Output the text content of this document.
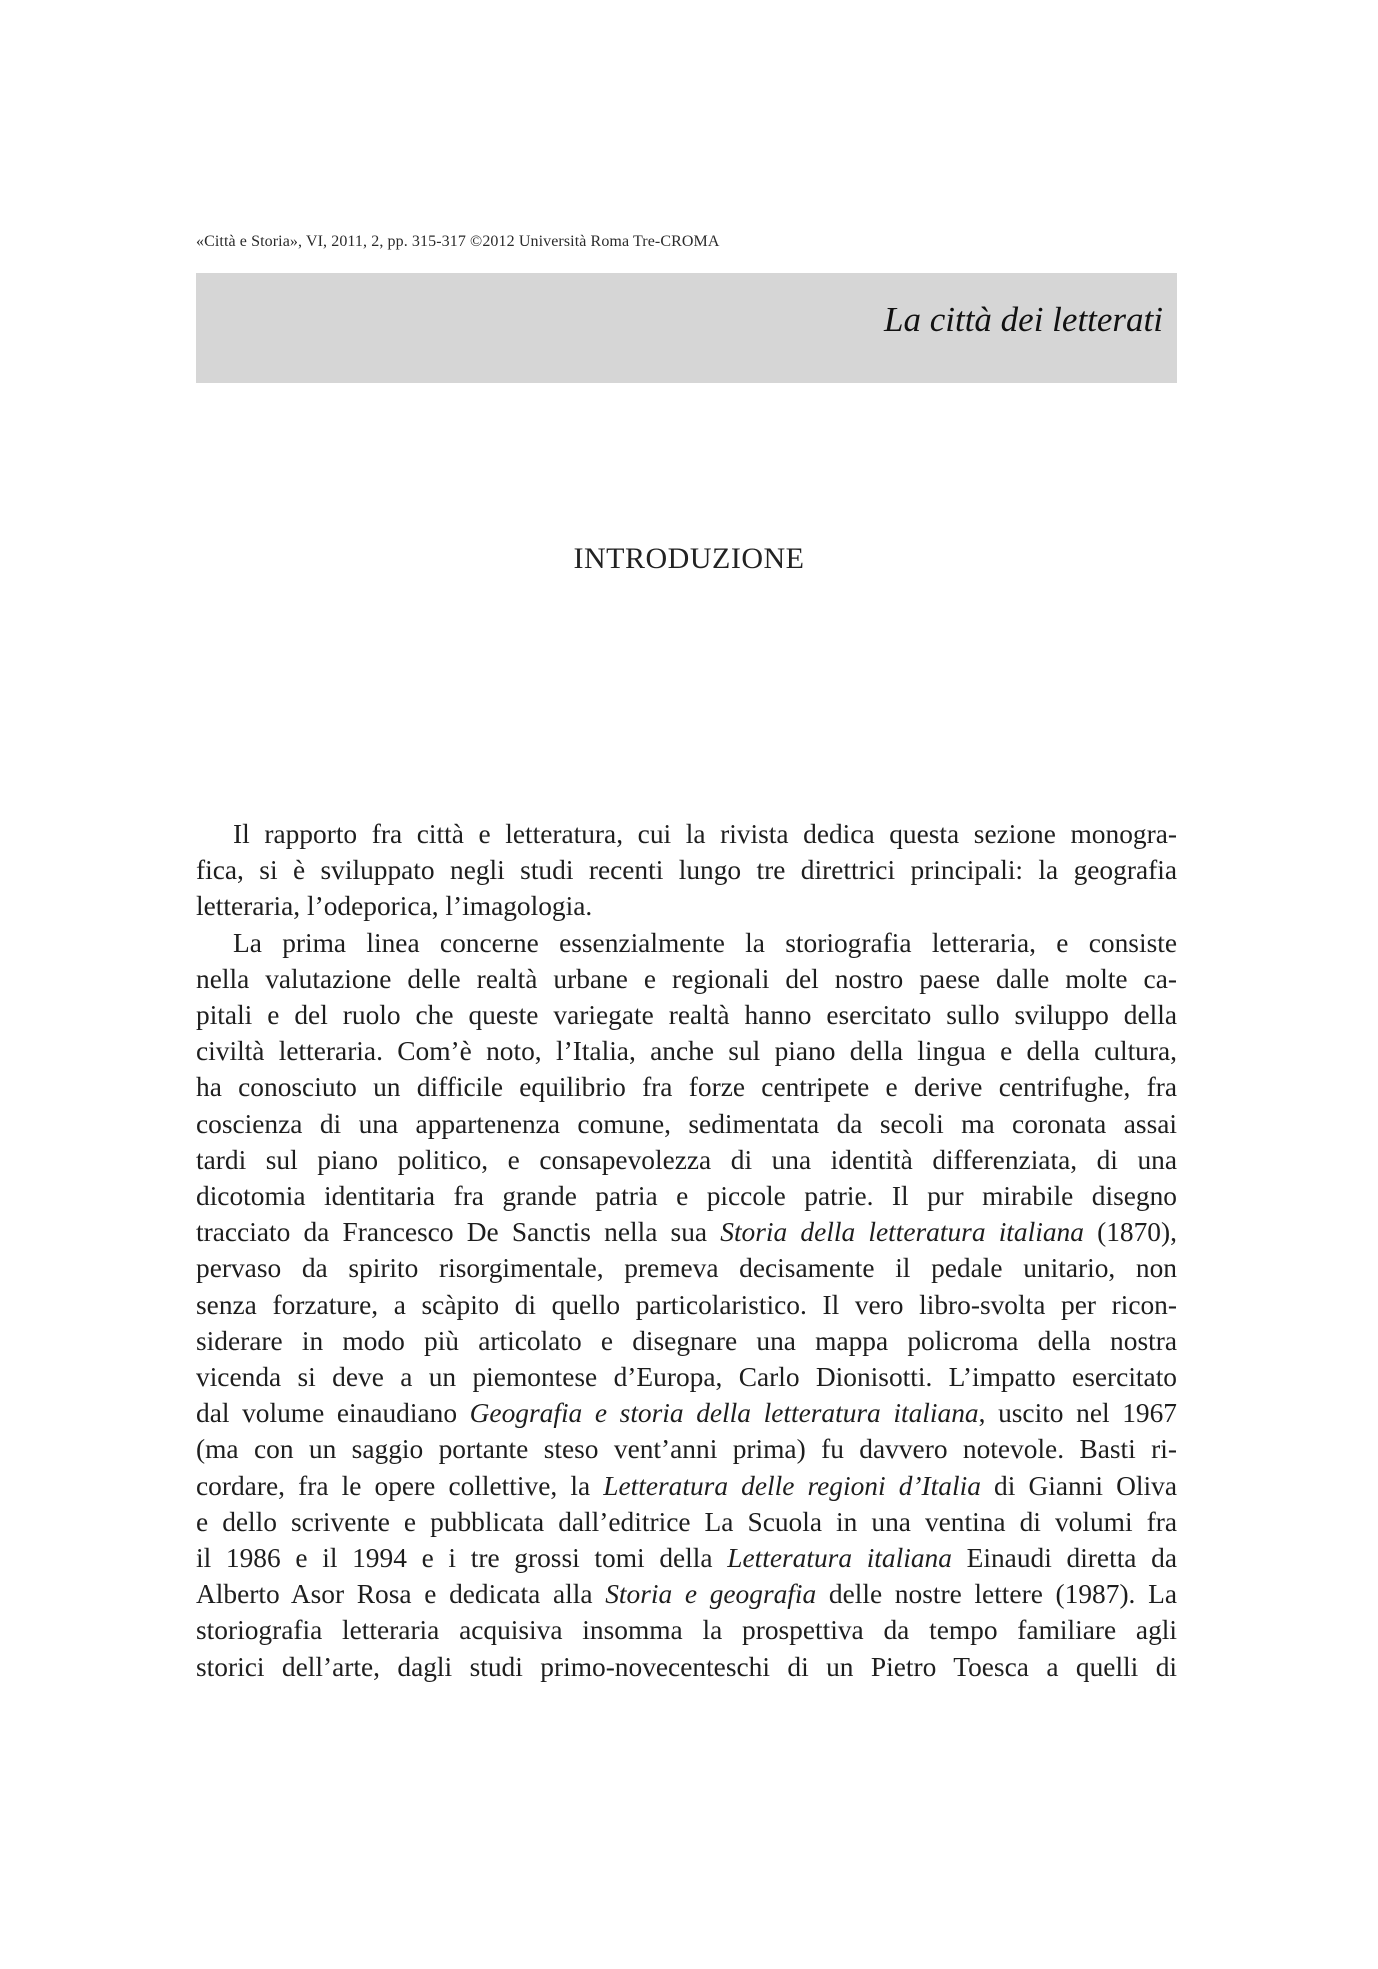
«Città e Storia», VI, 2011, 2, pp. 315-317 ©2012 Università Roma Tre-CROMA
La città dei letterati
INTRODUZIONE
Il rapporto fra città e letteratura, cui la rivista dedica questa sezione monogra-
fica, si è sviluppato negli studi recenti lungo tre direttrici principali: la geografia
letteraria, l’odeporica, l’imagologia.
La prima linea concerne essenzialmente la storiografia letteraria, e consiste
nella valutazione delle realtà urbane e regionali del nostro paese dalle molte ca-
pitali e del ruolo che queste variegate realtà hanno esercitato sullo sviluppo della
civiltà letteraria. Com’è noto, l’Italia, anche sul piano della lingua e della cultura,
ha conosciuto un difficile equilibrio fra forze centripete e derive centrifughe, fra
coscienza di una appartenenza comune, sedimentata da secoli ma coronata assai
tardi sul piano politico, e consapevolezza di una identità differenziata, di una
dicotomia identitaria fra grande patria e piccole patrie. Il pur mirabile disegno
tracciato da Francesco De Sanctis nella sua Storia della letteratura italiana (1870),
pervaso da spirito risorgimentale, premeva decisamente il pedale unitario, non
senza forzature, a scàpito di quello particolaristico. Il vero libro-svolta per ricon-
siderare in modo più articolato e disegnare una mappa policroma della nostra
vicenda si deve a un piemontese d’Europa, Carlo Dionisotti. L’impatto esercitato
dal volume einaudiano Geografia e storia della letteratura italiana, uscito nel 1967
(ma con un saggio portante steso vent’anni prima) fu davvero notevole. Basti ri-
cordare, fra le opere collettive, la Letteratura delle regioni d’Italia di Gianni Oliva
e dello scrivente e pubblicata dall’editrice La Scuola in una ventina di volumi fra
il 1986 e il 1994 e i tre grossi tomi della Letteratura italiana Einaudi diretta da
Alberto Asor Rosa e dedicata alla Storia e geografia delle nostre lettere (1987). La
storiografia letteraria acquisiva insomma la prospettiva da tempo familiare agli
storici dell’arte, dagli studi primo-novecenteschi di un Pietro Toesca a quelli di
